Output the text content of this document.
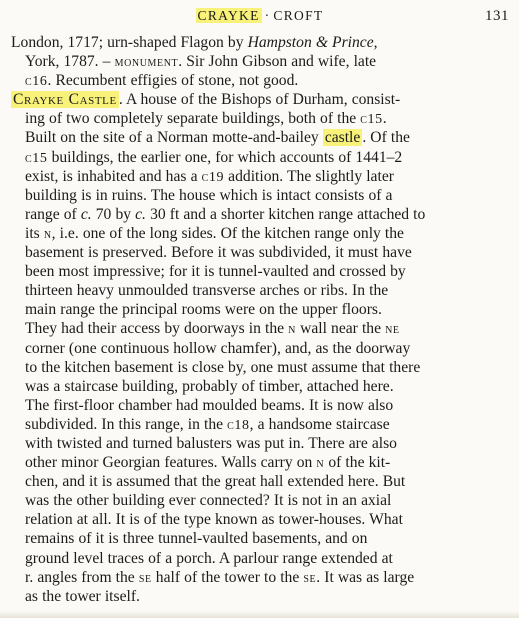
CRAYKE · CROFT	131
London, 1717; urn-shaped Flagon by Hampston & Prince,
York, 1787. – monument. Sir John Gibson and wife, late
c16. Recumbent effigies of stone, not good.
Crayke Castle . A house of the Bishops of Durham, consist-
ing of two completely separate buildings, both of the c15.
Built on the site of a Norman motte-and-bailey castle . Of the
c15 buildings, the earlier one, for which accounts of 1441–2
exist, is inhabited and has a c19 addition. The slightly later
building is in ruins. The house which is intact consists of a
range of c. 70 by c. 30 ft and a shorter kitchen range attached to
its n, i.e. one of the long sides. Of the kitchen range only the
basement is preserved. Before it was subdivided, it must have
been most impressive; for it is tunnel-vaulted and crossed by
thirteen heavy unmoulded transverse arches or ribs. In the
main range the principal rooms were on the upper floors.
They had their access by doorways in the n wall near the ne
corner (one continuous hollow chamfer), and, as the doorway
to the kitchen basement is close by, one must assume that there
was a staircase building, probably of timber, attached here.
The first-floor chamber had moulded beams. It is now also
subdivided. In this range, in the c18, a handsome staircase
with twisted and turned balusters was put in. There are also
other minor Georgian features. Walls carry on n of the kit-
chen, and it is assumed that the great hall extended here. But
was the other building ever connected? It is not in an axial
relation at all. It is of the type known as tower-houses. What
remains of it is three tunnel-vaulted basements, and on
ground level traces of a porch. A parlour range extended at
r. angles from the se half of the tower to the se. It was as large
as the tower itself.
